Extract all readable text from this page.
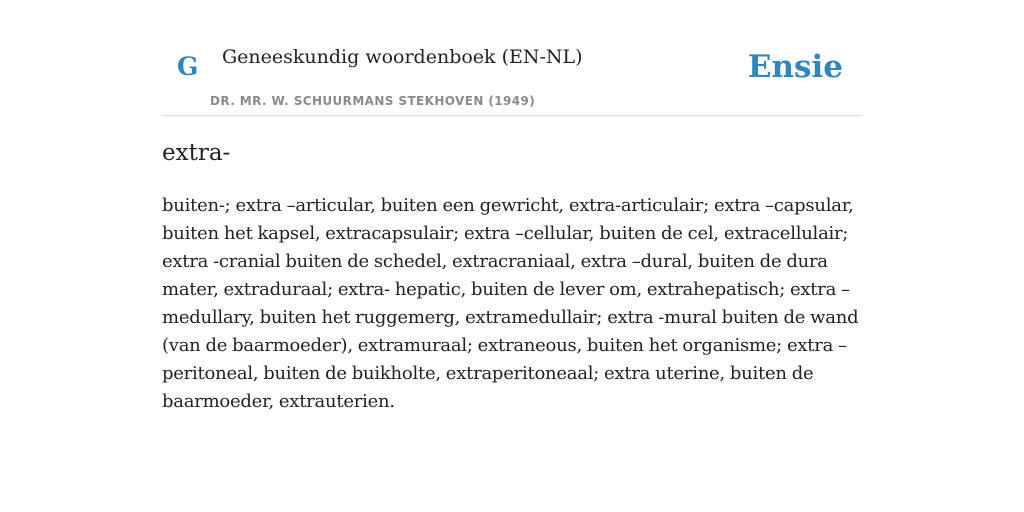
G Geneeskundig woordenboek (EN-NL)
DR. MR. W. SCHUURMANS STEKHOVEN (1949)
Ensie
extra-

buiten-; extra –articular, buiten een gewricht, extra-articulair; extra –capsular, buiten het kapsel, extracapsulair; extra –cellular, buiten de cel, extracellulair; extra -cranial buiten de schedel, extracraniaal, extra –dural, buiten de dura mater, extraduraal; extra- hepatic, buiten de lever om, extrahepatisch; extra –medullary, buiten het ruggemerg, extramedullair; extra -mural buiten de wand (van de baarmoeder), extramuraal; extraneous, buiten het organisme; extra –peritoneal, buiten de buikholte, extraperitoneaal; extra uterine, buiten de baarmoeder, extrauterien.
